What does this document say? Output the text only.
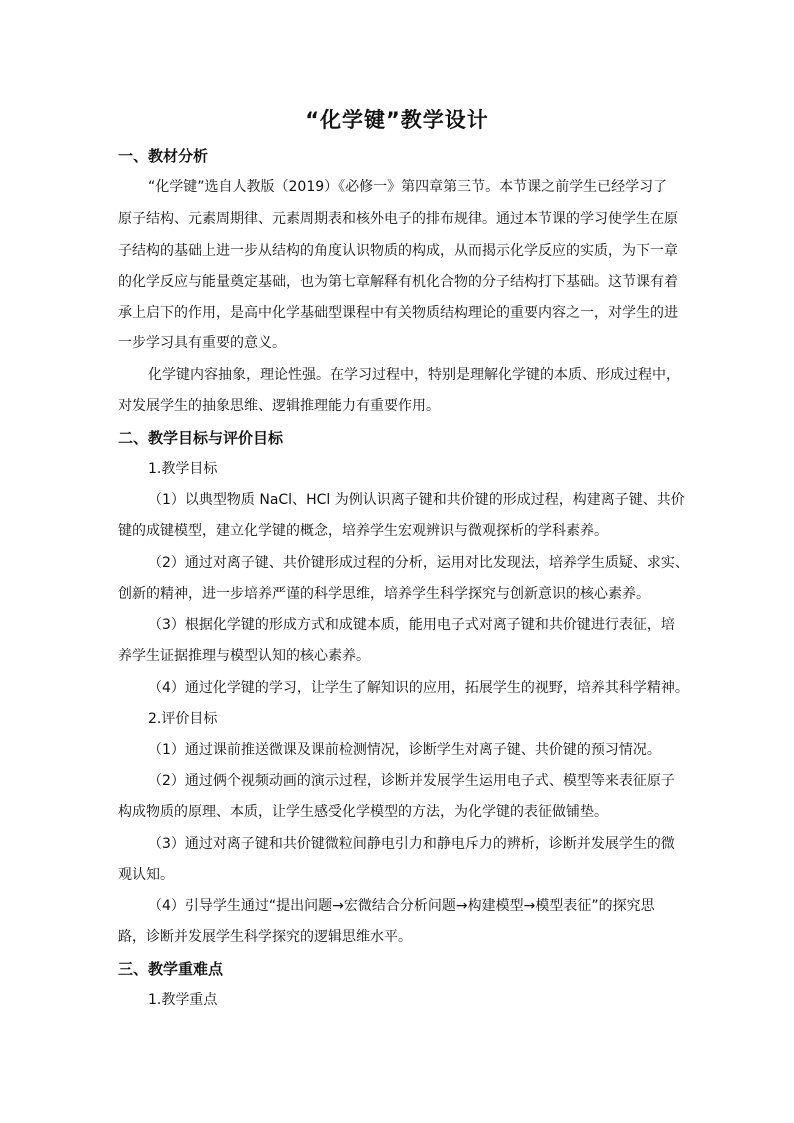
“化学键”教学设计
一、教材分析
“化学键”选自人教版（2019）《必修一》第四章第三节。本节课之前学生已经学习了
原子结构、元素周期律、元素周期表和核外电子的排布规律。通过本节课的学习使学生在原
子结构的基础上进一步从结构的角度认识物质的构成，从而揭示化学反应的实质，为下一章
的化学反应与能量奠定基础，也为第七章解释有机化合物的分子结构打下基础。这节课有着
承上启下的作用，是高中化学基础型课程中有关物质结构理论的重要内容之一，对学生的进
一步学习具有重要的意义。
化学键内容抽象，理论性强。在学习过程中，特别是理解化学键的本质、形成过程中，
对发展学生的抽象思维、逻辑推理能力有重要作用。
二、教学目标与评价目标
1.教学目标
（1）以典型物质 NaCl、HCl 为例认识离子键和共价键的形成过程，构建离子键、共价
键的成键模型，建立化学键的概念，培养学生宏观辨识与微观探析的学科素养。
（2）通过对离子键、共价键形成过程的分析，运用对比发现法，培养学生质疑、求实、
创新的精神，进一步培养严谨的科学思维，培养学生科学探究与创新意识的核心素养。
（3）根据化学键的形成方式和成键本质，能用电子式对离子键和共价键进行表征，培
养学生证据推理与模型认知的核心素养。
（4）通过化学键的学习，让学生了解知识的应用，拓展学生的视野，培养其科学精神。
2.评价目标
（1）通过课前推送微课及课前检测情况，诊断学生对离子键、共价键的预习情况。
（2）通过俩个视频动画的演示过程，诊断并发展学生运用电子式、模型等来表征原子
构成物质的原理、本质，让学生感受化学模型的方法，为化学键的表征做铺垫。
（3）通过对离子键和共价键微粒间静电引力和静电斥力的辨析，诊断并发展学生的微
观认知。
（4）引导学生通过“提出问题→宏微结合分析问题→构建模型→模型表征”的探究思
路，诊断并发展学生科学探究的逻辑思维水平。
三、教学重难点
1.教学重点
